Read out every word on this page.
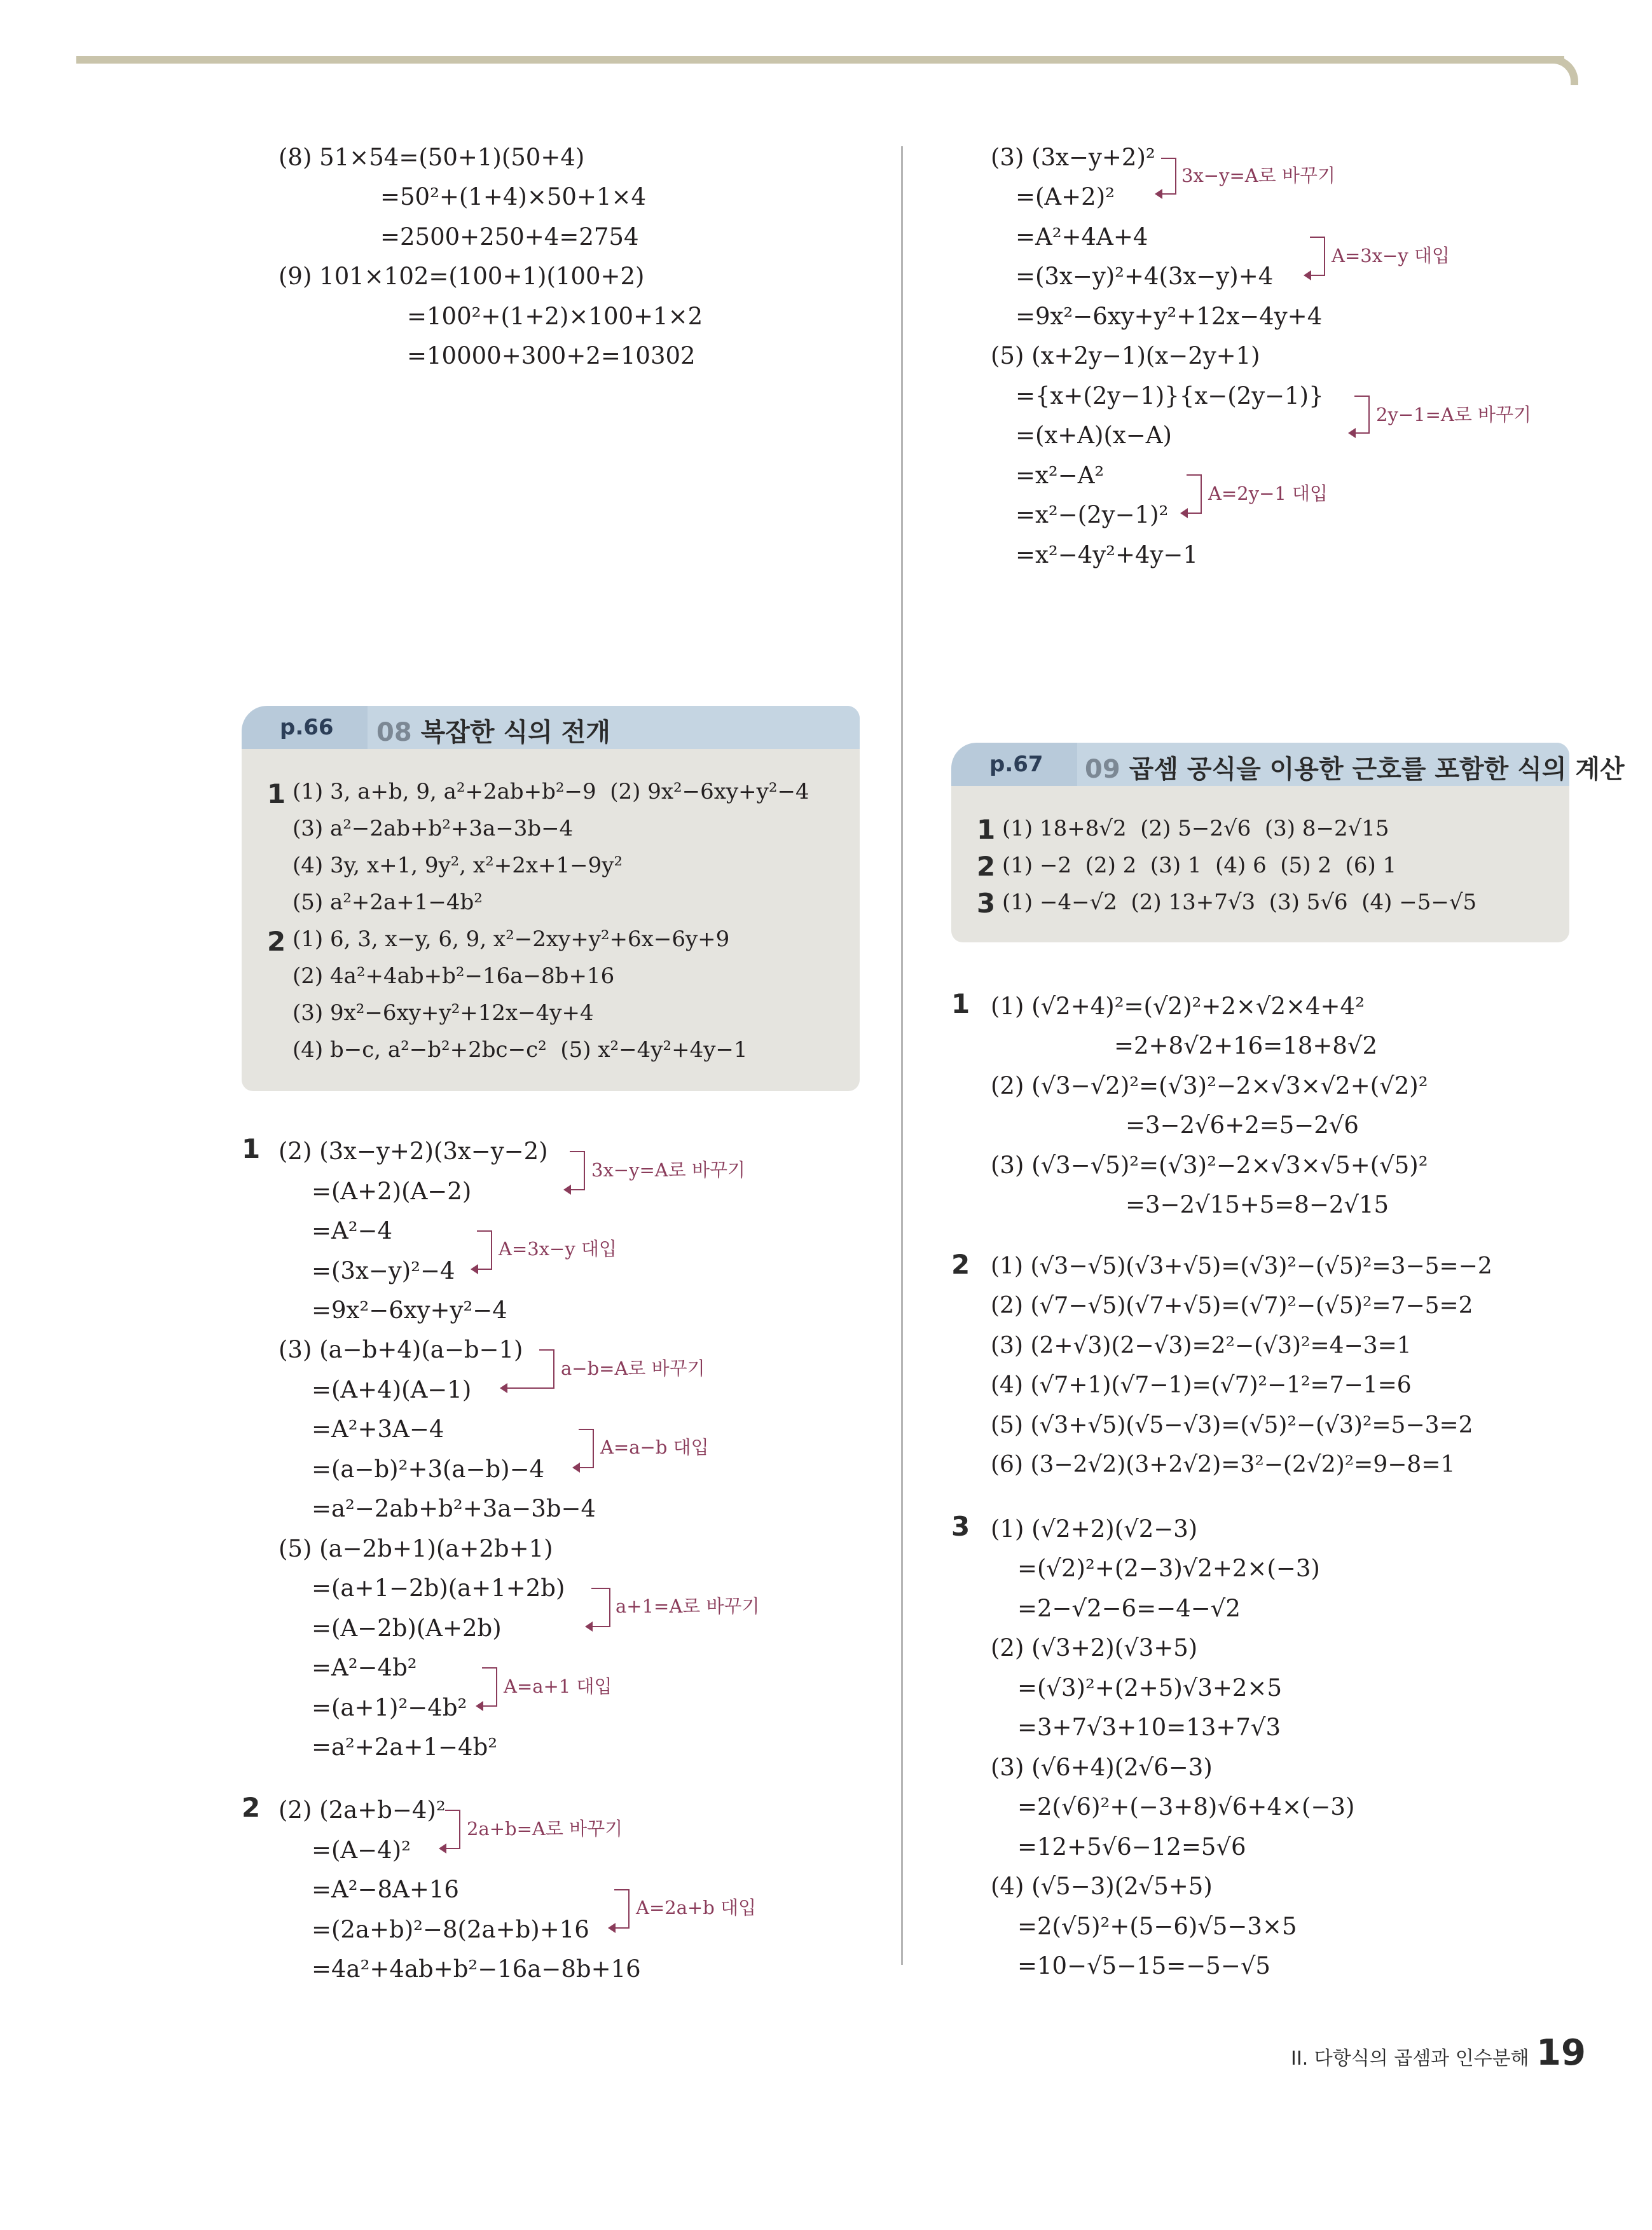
(8) 51×54=(50+1)(50+4)
=50²+(1+4)×50+1×4
=2500+250+4=2754
(9) 101×102=(100+1)(100+2)
=100²+(1+2)×100+1×2
=10000+300+2=10302
(3) (3x−y+2)²
=(A+2)²
=A²+4A+4
=(3x−y)²+4(3x−y)+4
=9x²−6xy+y²+12x−4y+4
(5) (x+2y−1)(x−2y+1)
={x+(2y−1)}{x−(2y−1)}
=(x+A)(x−A)
=x²−A²
=x²−(2y−1)²
=x²−4y²+4y−1
3x−y=A로 바꾸기
A=3x−y 대입
2y−1=A로 바꾸기
A=2y−1 대입
p.66 08 복잡한 식의 전개
1
2
(1) 3, a+b, 9, a²+2ab+b²−9  (2) 9x²−6xy+y²−4
(3) a²−2ab+b²+3a−3b−4
(4) 3y, x+1, 9y², x²+2x+1−9y²
(5) a²+2a+1−4b²
(1) 6, 3, x−y, 6, 9, x²−2xy+y²+6x−6y+9
(2) 4a²+4ab+b²−16a−8b+16
(3) 9x²−6xy+y²+12x−4y+4
(4) b−c, a²−b²+2bc−c²  (5) x²−4y²+4y−1
p.67 09 곱셈 공식을 이용한 근호를 포함한 식의 계산
1
2
3
(1) 18+8√2  (2) 5−2√6  (3) 8−2√15
(1) −2  (2) 2  (3) 1  (4) 6  (5) 2  (6) 1
(1) −4−√2  (2) 13+7√3  (3) 5√6  (4) −5−√5
1
2
(2) (3x−y+2)(3x−y−2)
=(A+2)(A−2)
=A²−4
=(3x−y)²−4
=9x²−6xy+y²−4
(3) (a−b+4)(a−b−1)
=(A+4)(A−1)
=A²+3A−4
=(a−b)²+3(a−b)−4
=a²−2ab+b²+3a−3b−4
(5) (a−2b+1)(a+2b+1)
=(a+1−2b)(a+1+2b)
=(A−2b)(A+2b)
=A²−4b²
=(a+1)²−4b²
=a²+2a+1−4b²
(2) (2a+b−4)²
=(A−4)²
=A²−8A+16
=(2a+b)²−8(2a+b)+16
=4a²+4ab+b²−16a−8b+16
3x−y=A로 바꾸기
A=3x−y 대입
a−b=A로 바꾸기
A=a−b 대입
a+1=A로 바꾸기
A=a+1 대입
2a+b=A로 바꾸기
A=2a+b 대입
1
2
3
(1) (√2+4)²=(√2)²+2×√2×4+4²
=2+8√2+16=18+8√2
(2) (√3−√2)²=(√3)²−2×√3×√2+(√2)²
=3−2√6+2=5−2√6
(3) (√3−√5)²=(√3)²−2×√3×√5+(√5)²
=3−2√15+5=8−2√15
(1) (√3−√5)(√3+√5)=(√3)²−(√5)²=3−5=−2
(2) (√7−√5)(√7+√5)=(√7)²−(√5)²=7−5=2
(3) (2+√3)(2−√3)=2²−(√3)²=4−3=1
(4) (√7+1)(√7−1)=(√7)²−1²=7−1=6
(5) (√3+√5)(√5−√3)=(√5)²−(√3)²=5−3=2
(6) (3−2√2)(3+2√2)=3²−(2√2)²=9−8=1
(1) (√2+2)(√2−3)
=(√2)²+(2−3)√2+2×(−3)
=2−√2−6=−4−√2
(2) (√3+2)(√3+5)
=(√3)²+(2+5)√3+2×5
=3+7√3+10=13+7√3
(3) (√6+4)(2√6−3)
=2(√6)²+(−3+8)√6+4×(−3)
=12+5√6−12=5√6
(4) (√5−3)(2√5+5)
=2(√5)²+(5−6)√5−3×5
=10−√5−15=−5−√5
II. 다항식의 곱셈과 인수분해 19
